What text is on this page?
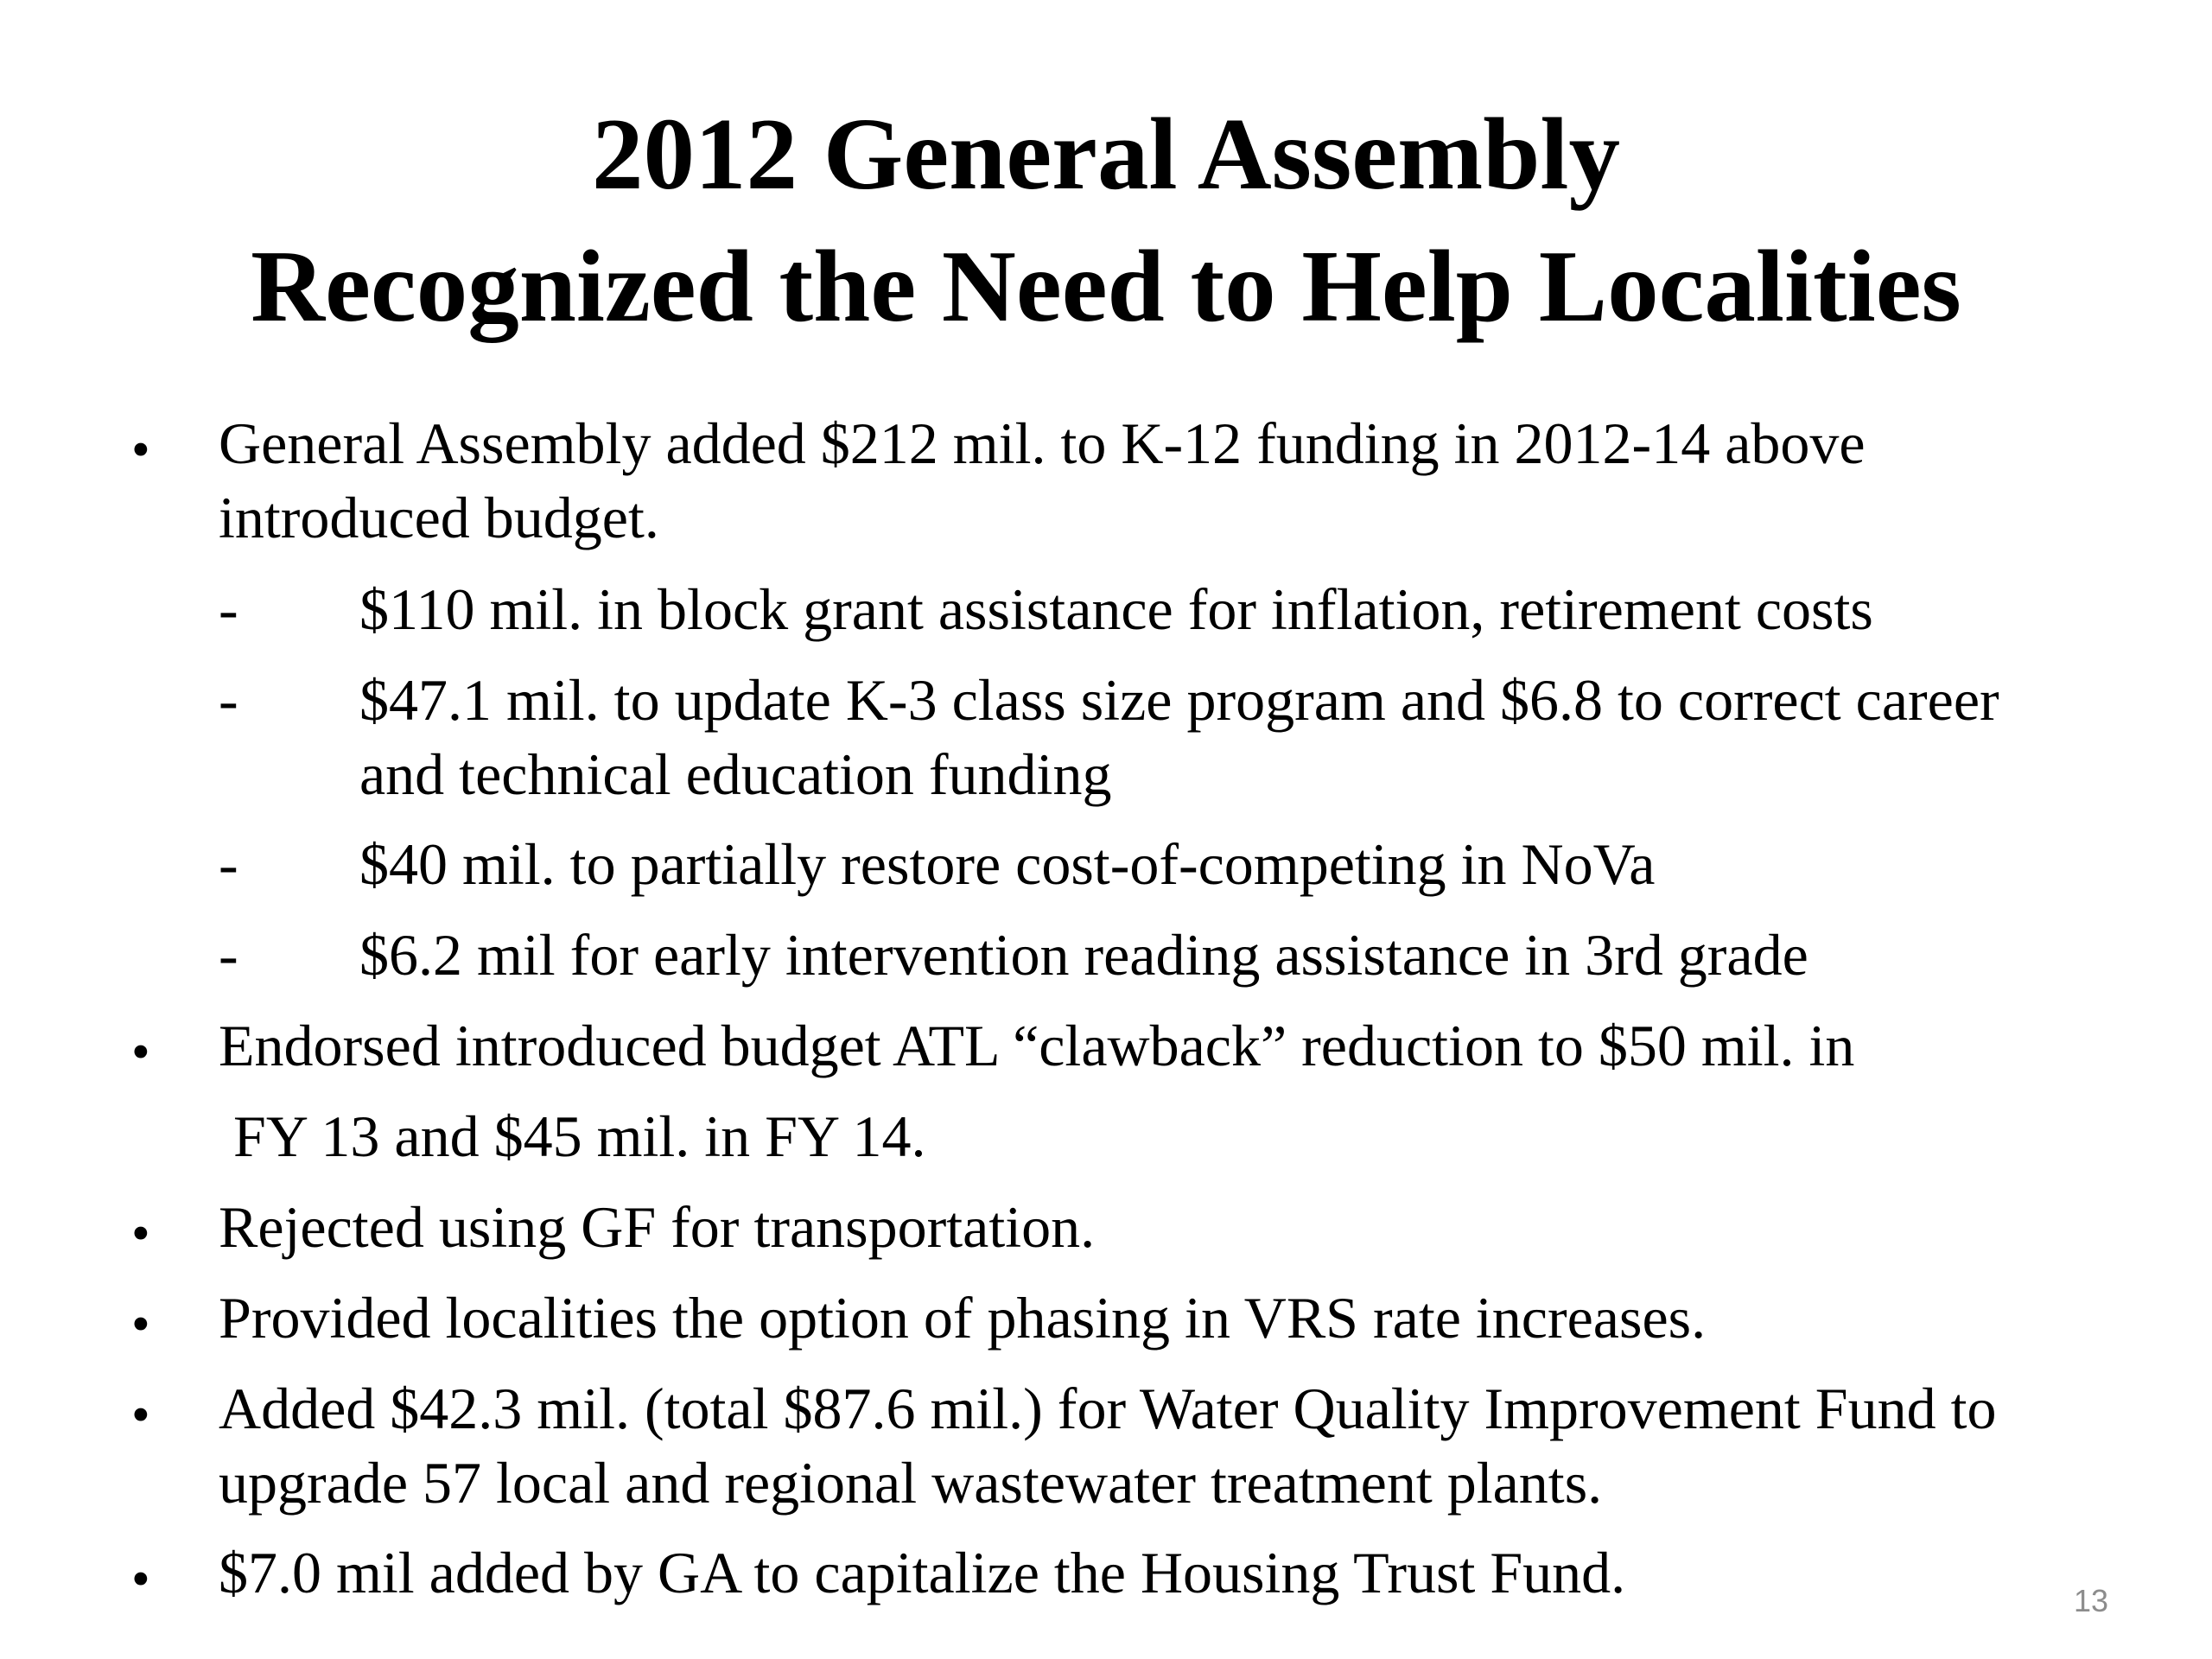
2012 General Assembly
Recognized the Need to Help Localities
• General Assembly added $212 mil. to K-12 funding in 2012-14 above
introduced budget.
- $110 mil. in block grant assistance for inflation, retirement costs
- $47.1 mil. to update K-3 class size program and $6.8 to correct career
and technical education funding
- $40 mil. to partially restore cost-of-competing in NoVa
- $6.2 mil for early intervention reading assistance in 3rd grade
• Endorsed introduced budget ATL “clawback” reduction to $50 mil. in
FY 13 and $45 mil. in FY 14.
• Rejected using GF for transportation.
• Provided localities the option of phasing in VRS rate increases.
• Added $42.3 mil. (total $87.6 mil.) for Water Quality Improvement Fund to
upgrade 57 local and regional wastewater treatment plants.
• $7.0 mil added by GA to capitalize the Housing Trust Fund.	13
